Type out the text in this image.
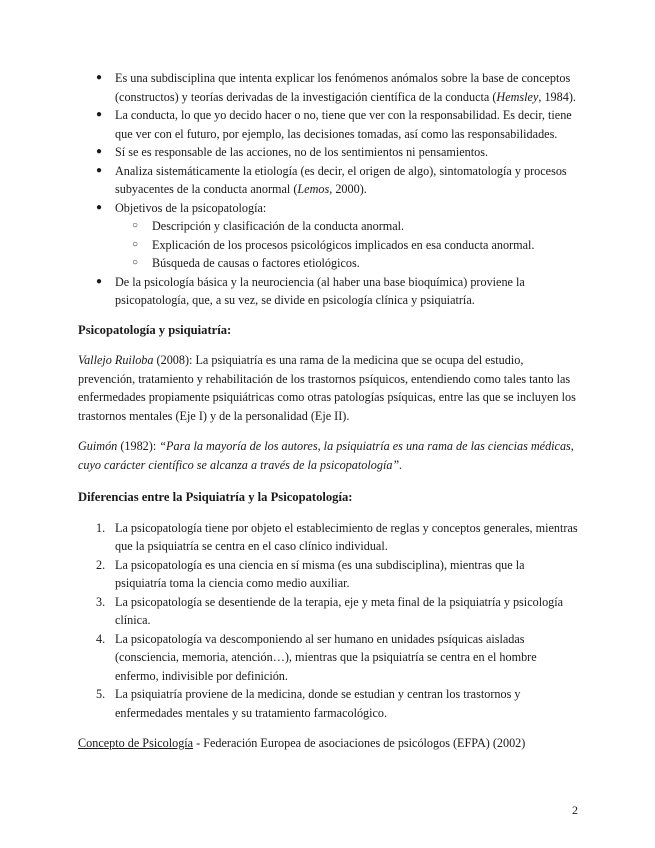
● Es una subdisciplina que intenta explicar los fenómenos anómalos sobre la base de conceptos (constructos) y teorías derivadas de la investigación científica de la conducta (Hemsley, 1984).
● La conducta, lo que yo decido hacer o no, tiene que ver con la responsabilidad. Es decir, tiene que ver con el futuro, por ejemplo, las decisiones tomadas, así como las responsabilidades.
● Sí se es responsable de las acciones, no de los sentimientos ni pensamientos.
● Analiza sistemáticamente la etiología (es decir, el origen de algo), sintomatología y procesos subyacentes de la conducta anormal (Lemos, 2000).
● Objetivos de la psicopatología:
○ Descripción y clasificación de la conducta anormal.
○ Explicación de los procesos psicológicos implicados en esa conducta anormal.
○ Búsqueda de causas o factores etiológicos.
● De la psicología básica y la neurociencia (al haber una base bioquímica) proviene la psicopatología, que, a su vez, se divide en psicología clínica y psiquiatría.
Psicopatología y psiquiatría:

Vallejo Ruiloba (2008): La psiquiatría es una rama de la medicina que se ocupa del estudio, prevención, tratamiento y rehabilitación de los trastornos psíquicos, entendiendo como tales tanto las enfermedades propiamente psiquiátricas como otras patologías psíquicas, entre las que se incluyen los trastornos mentales (Eje I) y de la personalidad (Eje II).

Guimón (1982): “Para la mayoría de los autores, la psiquiatría es una rama de las ciencias médicas, cuyo carácter científico se alcanza a través de la psicopatología”.

Diferencias entre la Psiquiatría y la Psicopatología:
1. La psicopatología tiene por objeto el establecimiento de reglas y conceptos generales, mientras que la psiquiatría se centra en el caso clínico individual.
2. La psicopatología es una ciencia en sí misma (es una subdisciplina), mientras que la psiquiatría toma la ciencia como medio auxiliar.
3. La psicopatología se desentiende de la terapia, eje y meta final de la psiquiatría y psicología clínica.
4. La psicopatología va descomponiendo al ser humano en unidades psíquicas aisladas (consciencia, memoria, atención…), mientras que la psiquiatría se centra en el hombre enfermo, indivisible por definición.
5. La psiquiatría proviene de la medicina, donde se estudian y centran los trastornos y enfermedades mentales y su tratamiento farmacológico.

Concepto de Psicología - Federación Europea de asociaciones de psicólogos (EFPA) (2002)

2
